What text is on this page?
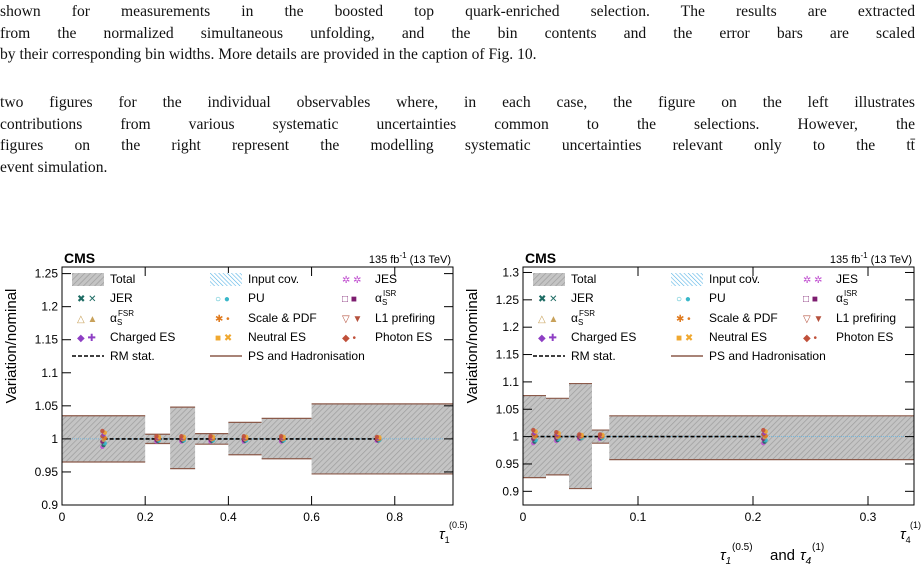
shown for measurements in the boosted top quark-enriched selection. The results are extracted
from the normalized simultaneous unfolding, and the bin contents and the error bars are scaled
by their corresponding bin widths. More details are provided in the caption of Fig. 10.
two figures for the individual observables where, in each case, the figure on the left illustrates
contributions from various systematic uncertainties common to the selections. However, the
figures on the right represent the modelling systematic uncertainties relevant only to the tt̄
event simulation.
0.9
0.95
1
1.05
1.1
1.15
1.2
1.25
0	0.2	0.4	0.6	0.8
CMS	135 $fb^{-1}$ (13 TeV)
Variation/nominal
$\tau_1$
(0.5)
Total	Input cov.	✲ ✲ JES
✖ ✕ JER	○ ● PU	□ ■ $\alpha_S$
ISR
△ ▲ $\alpha_S$
FSR
✱ • Scale & PDF	▽ ▼ L1 prefiring
◆ ✚ Charged ES	■ ✖ Neutral ES	◆ • Photon ES
RM stat.	PS and Hadronisation
0.9
0.95
1
1.05
1.1
1.15
1.2
1.25
1.3
0	0.1	0.2	0.3
CMS	135 $fb^{-1}$ (13 TeV)
Variation/nominal
$\tau_4$
(1)
Total	Input cov.	✲ ✲ JES
✖ ✕ JER	○ ● PU	□ ■ $\alpha_S$
ISR
△ ▲ $\alpha_S$
FSR
✱ • Scale & PDF	▽ ▼ L1 prefiring
◆ ✚ Charged ES	■ ✖ Neutral ES	◆ • Photon ES
RM stat.	PS and Hadronisation
$\tau_1$
(0.5) and $\tau_4$
(1)
